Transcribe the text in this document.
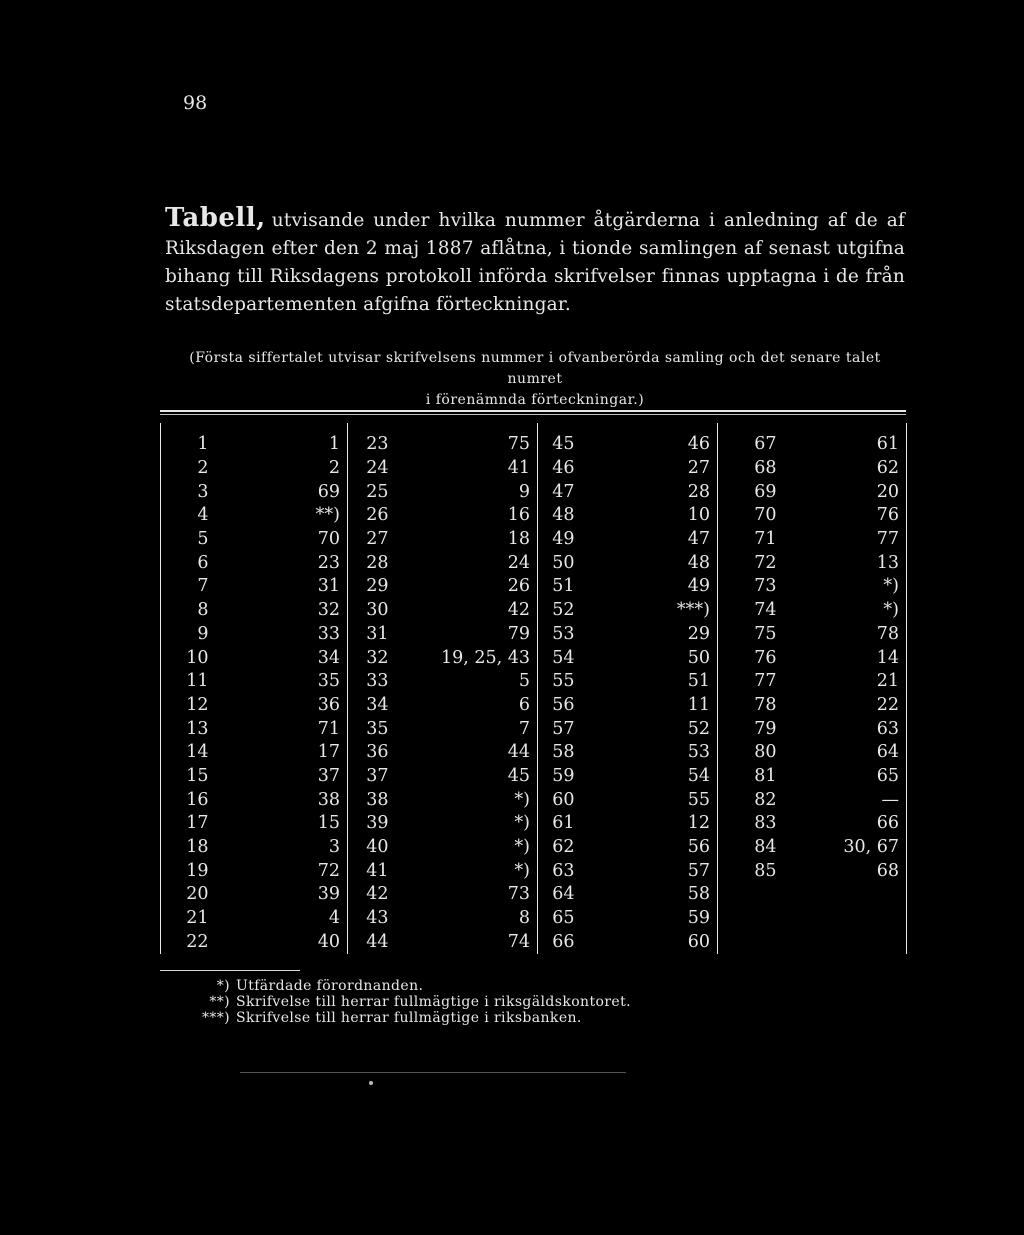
98
Tabell, utvisande under hvilka nummer åtgärderna i anledning af de af Riksdagen efter den 2 maj 1887 aflåtna, i tionde samlingen af senast utgifna bihang till Riksdagens protokoll införda skrifvelser finnas upptagna i de från statsdepartementen afgifna förteckningar.
(Första siffertalet utvisar skrifvelsens nummer i ofvanberörda samling och det senare talet numret
i förenämnda förteckningar.)
1	1	23	75	45	46	67	61
2	2	24	41	46	27	68	62
3	69	25	9	47	28	69	20
4	**)	26	16	48	10	70	76
5	70	27	18	49	47	71	77
6	23	28	24	50	48	72	13
7	31	29	26	51	49	73	*)
8	32	30	42	52	***)	74	*)
9	33	31	79	53	29	75	78
10	34	32	19, 25, 43	54	50	76	14
11	35	33	5	55	51	77	21
12	36	34	6	56	11	78	22
13	71	35	7	57	52	79	63
14	17	36	44	58	53	80	64
15	37	37	45	59	54	81	65
16	38	38	*)	60	55	82	—
17	15	39	*)	61	12	83	66
18	3	40	*)	62	56	84	30, 67
19	72	41	*)	63	57	85	68
20	39	42	73	64	58		
21	4	43	8	65	59		
22	40	44	74	66	60		
*) Utfärdade förordnanden.
**) Skrifvelse till herrar fullmägtige i riksgäldskontoret.
***) Skrifvelse till herrar fullmägtige i riksbanken.
